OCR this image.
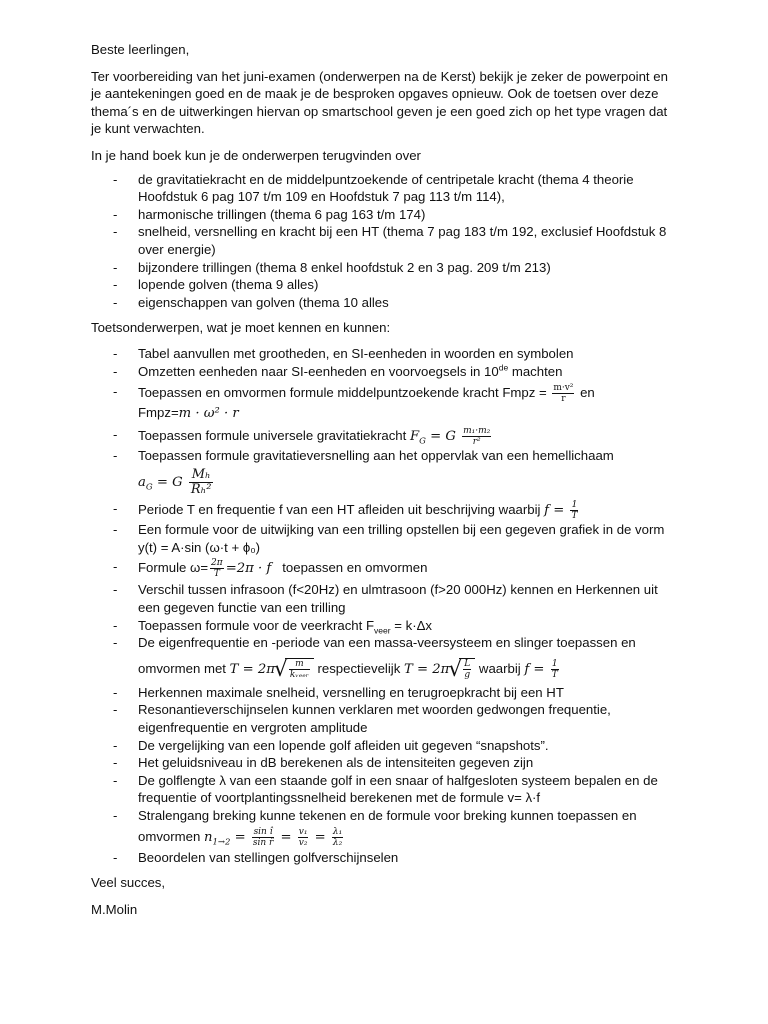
Beste leerlingen,

Ter voorbereiding van het juni-examen (onderwerpen na de Kerst) bekijk je zeker de powerpoint en je aantekeningen goed en de maak je de besproken opgaves opnieuw. Ook de toetsen over deze thema´s en de uitwerkingen hiervan op smartschool geven je een goed zich op het type vragen dat je kunt verwachten.

In je hand boek kun je de onderwerpen terugvinden over

- de gravitatiekracht en de middelpuntzoekende of centripetale kracht (thema 4 theorie Hoofdstuk 6 pag 107 t/m 109 en Hoofdstuk 7 pag 113 t/m 114),
- harmonische trillingen (thema 6 pag 163 t/m 174)
- snelheid, versnelling en kracht bij een HT (thema 7 pag 183 t/m 192, exclusief Hoofdstuk 8 over energie)
- bijzondere trillingen (thema 8 enkel hoofdstuk 2 en 3 pag. 209 t/m 213)
- lopende golven (thema 9 alles)
- eigenschappen van golven (thema 10 alles

Toetsonderwerpen, wat je moet kennen en kunnen:

- Tabel aanvullen met grootheden, en SI-eenheden in woorden en symbolen
- Omzetten eenheden naar SI-eenheden en voorvoegsels in 10de machten
- Toepassen en omvormen formule middelpuntzoekende kracht Fmpz = $\frac{\text{m·v²}}{r}$ en
Fmpz=m · ω² · r
- Toepassen formule universele gravitatiekracht $F_G = G \frac{\text{m₁·m₂}}{\text{r²}}$
- Toepassen formule gravitatieversnelling aan het oppervlak van een hemellichaam
$a_G = G \frac{\text{Mₕ}}{\text{Rₕ²}}$
- Periode T en frequentie f van een HT afleiden uit beschrijving waarbij $f = \frac{1}{T}$
- Een formule voor de uitwijking van een trilling opstellen bij een gegeven grafiek in de vorm y(t) = A·sin (ω·t + ϕ₀)
- Formule $\omega= \frac{2\pi}{T} =2\pi \cdot f$   toepassen en omvormen
- Verschil tussen infrasoon (f<20Hz) en ulmtrasoon (f>20 000Hz) kennen en Herkennen uit een gegeven functie van een trilling
- Toepassen formule voor de veerkracht $F_{veer} = k\cdot\Delta x$
- De eigenfrequentie en -periode van een massa-veersysteem en slinger toepassen en
omvormen met T = 2π √ $\frac{m}{\text{kᵥₑₑᵣ}}$ respectievelijk T = 2π √ $\frac{L}{g}$ waarbij $f = \frac{1}{T}$
- Herkennen maximale snelheid, versnelling en terugroepkracht bij een HT
- Resonantieverschijnselen kunnen verklaren met woorden gedwongen frequentie, eigenfrequentie en vergroten amplitude
- De vergelijking van een lopende golf afleiden uit gegeven “snapshots”.
- Het geluidsniveau in dB berekenen als de intensiteiten gegeven zijn
- De golflengte λ van een staande golf in een snaar of halfgesloten systeem bepalen en de frequentie of voortplantingssnelheid berekenen met de formule v= λ·f
- Stralengang breking kunne tekenen en de formule voor breking kunnen toepassen en
omvormen $n_{1\to 2} = \frac{\text{sin î}}{\text{sin r̂}} = \frac{\text{v₁}}{\text{v₂}} = \frac{\text{λ₁}}{\text{λ₂}}$
- Beoordelen van stellingen golfverschijnselen

Veel succes,

M.Molin
